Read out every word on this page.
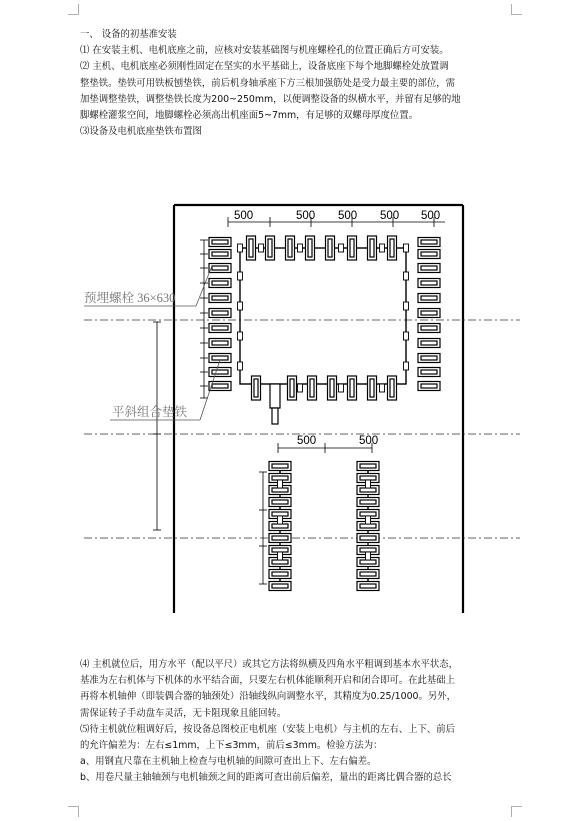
一、 设备的初基准安装

⑴ 在安装主机、电机底座之前，应核对安装基础图与机座螺栓孔的位置正确后方可安装。

⑵ 主机、电机底座必须刚性固定在坚实的水平基础上，设备底座下每个地脚螺栓处放置调

整垫铁。垫铁可用铁板刨垫铁，前后机身轴承座下方三根加强筋处是受力最主要的部位，需

加垫调整垫铁，调整垫铁长度为200~250mm，以便调整设备的纵横水平，并留有足够的地

脚螺栓灌浆空间，地脚螺栓必须高出机座面5~7mm，有足够的双螺母厚度位置。

⑶设备及电机底座垫铁布置图

500	500 500 500 500
500	500
预埋螺栓 36×630
平斜组合垫铁

⑷ 主机就位后，用方水平（配以平尺）或其它方法将纵横及四角水平粗调到基本水平状态，

基准为左右机体与下机体的水平结合面，只要左右机体能顺利开启和闭合即可。在此基础上

再将本机轴伸（即装偶合器的轴颈处）沿轴线纵向调整水平，其精度为0.25/1000。另外，

需保证转子手动盘车灵活，无卡阻现象且能回转。

⑸待主机就位粗调好后，按设备总图校正电机座（安装上电机）与主机的左右、上下、前后

的允许偏差为：左右≤1mm，上下≤3mm，前后≤3mm。检验方法为：

a、用钢直尺靠在主机轴上检查与电机轴的间隙可查出上下、左右偏差。

b、用卷尺量主轴轴颈与电机轴颈之间的距离可查出前后偏差，量出的距离比偶合器的总长
